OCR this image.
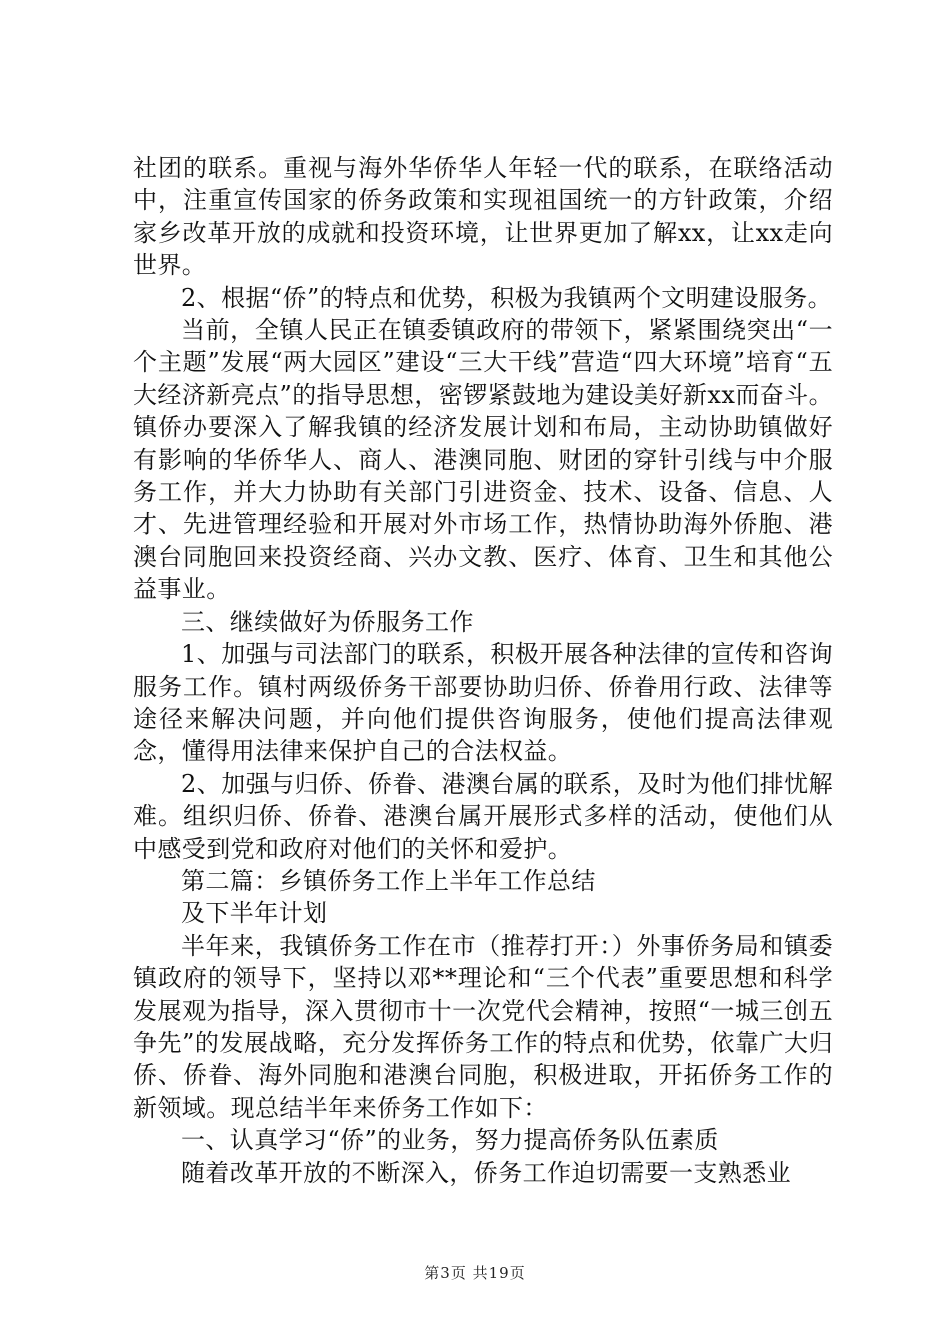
社团的联系。重视与海外华侨华人年轻一代的联系，在联络活动中，注重宣传国家的侨务政策和实现祖国统一的方针政策，介绍家乡改革开放的成就和投资环境，让世界更加了解xx，让xx走向世界。

2、根据“侨”的特点和优势，积极为我镇两个文明建设服务。

当前，全镇人民正在镇委镇政府的带领下，紧紧围绕突出“一个主题”发展“两大园区”建设“三大干线”营造“四大环境”培育“五大经济新亮点”的指导思想，密锣紧鼓地为建设美好新xx而奋斗。镇侨办要深入了解我镇的经济发展计划和布局，主动协助镇做好有影响的华侨华人、商人、港澳同胞、财团的穿针引线与中介服务工作，并大力协助有关部门引进资金、技术、设备、信息、人才、先进管理经验和开展对外市场工作，热情协助海外侨胞、港澳台同胞回来投资经商、兴办文教、医疗、体育、卫生和其他公益事业。

三、继续做好为侨服务工作

1、加强与司法部门的联系，积极开展各种法律的宣传和咨询服务工作。镇村两级侨务干部要协助归侨、侨眷用行政、法律等途径来解决问题，并向他们提供咨询服务，使他们提高法律观念，懂得用法律来保护自己的合法权益。

2、加强与归侨、侨眷、港澳台属的联系，及时为他们排忧解难。组织归侨、侨眷、港澳台属开展形式多样的活动，使他们从中感受到党和政府对他们的关怀和爱护。

第二篇：乡镇侨务工作上半年工作总结

及下半年计划

半年来，我镇侨务工作在市（推荐打开：）外事侨务局和镇委镇政府的领导下，坚持以邓**理论和“三个代表”重要思想和科学发展观为指导，深入贯彻市十一次党代会精神，按照“一城三创五争先”的发展战略，充分发挥侨务工作的特点和优势，依靠广大归侨、侨眷、海外同胞和港澳台同胞，积极进取，开拓侨务工作的新领域。现总结半年来侨务工作如下：

一、认真学习“侨”的业务，努力提高侨务队伍素质

随着改革开放的不断深入，侨务工作迫切需要一支熟悉业

第3页 共19页
